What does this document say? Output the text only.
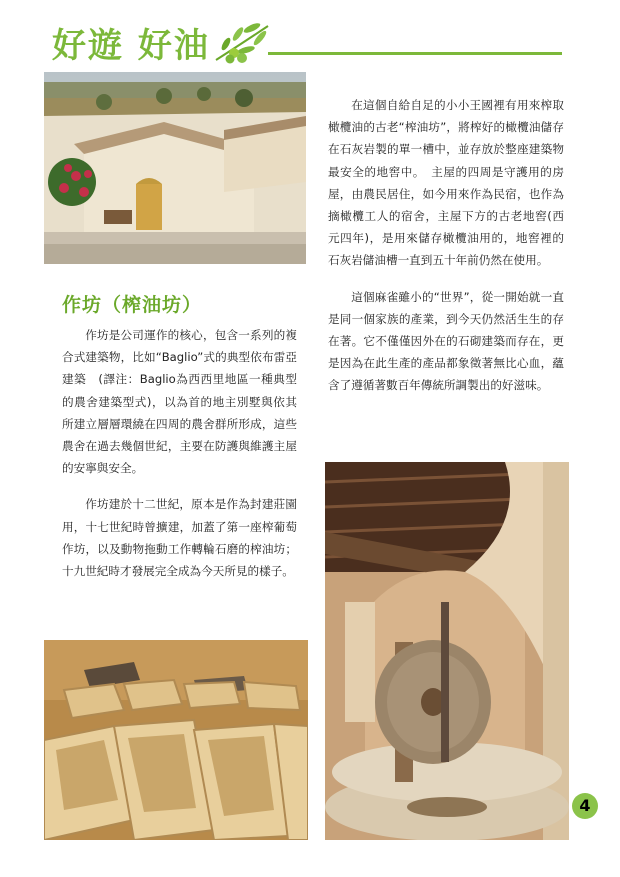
好遊 好油

在這個自給自足的小小王國裡有用來榨取橄欖油的古老“榨油坊”，將榨好的橄欖油儲存在石灰岩製的單一槽中，並存放於整座建築物最安全的地窖中。　主屋的四周是守護用的房屋，由農民居住，如今用來作為民宿，也作為摘橄欖工人的宿舍，主屋下方的古老地窖(西元四年)，是用來儲存橄欖油用的，地窖裡的石灰岩儲油槽一直到五十年前仍然在使用。

這個麻雀雖小的“世界”，從一開始就一直是同一個家族的產業，到今天仍然活生生的存在著。它不僅僅因外在的石砌建築而存在，更是因為在此生產的產品都象徵著無比心血，蘊含了遵循著數百年傳統所調製出的好滋味。

作坊（榨油坊）

作坊是公司運作的核心，包含一系列的複合式建築物，比如“Baglio”式的典型依布雷亞建築　(譯注：Baglio為西西里地區一種典型的農舍建築型式)，以為首的地主別墅與依其所建立層層環繞在四周的農舍群所形成，這些農舍在過去幾個世紀，主要在防護與維護主屋的安寧與安全。

作坊建於十二世紀，原本是作為封建莊園用，十七世紀時曾擴建，加蓋了第一座榨葡萄作坊，以及動物拖動工作轉輪石磨的榨油坊；十九世紀時才發展完全成為今天所見的樣子。

4
